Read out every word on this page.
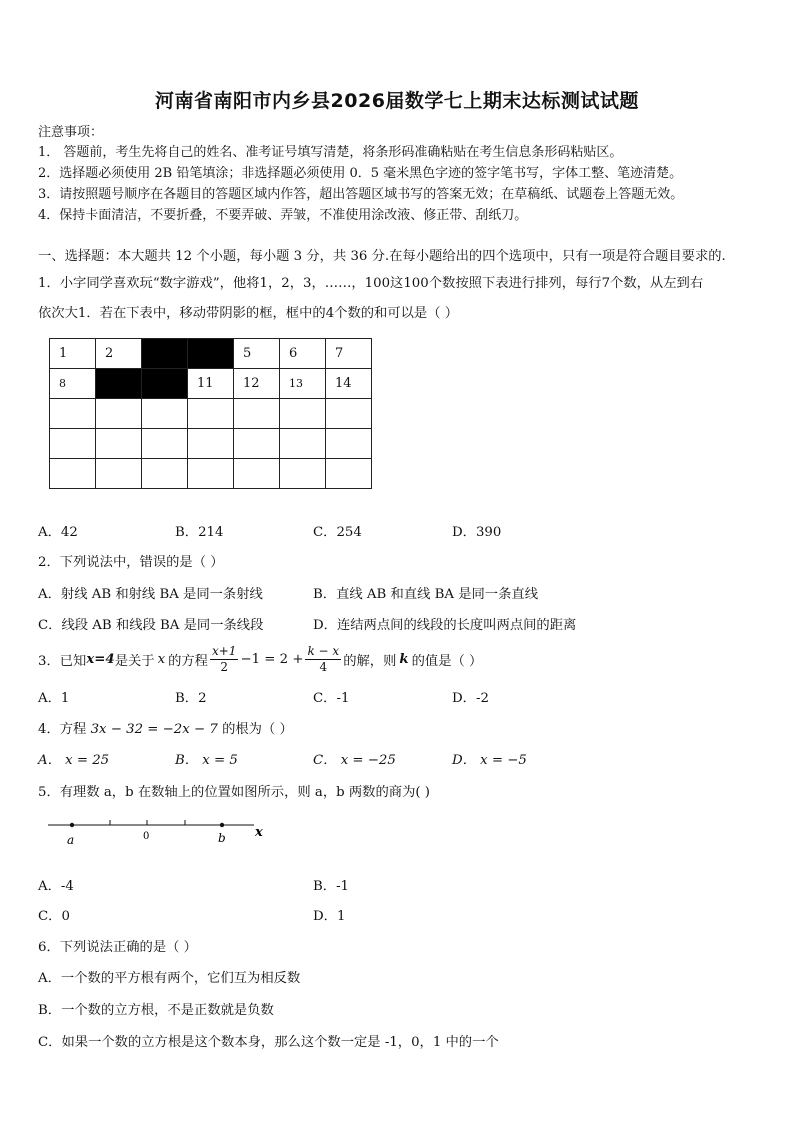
河南省南阳市内乡县2026届数学七上期末达标测试试题
注意事项：
1． 答题前，考生先将自己的姓名、准考证号填写清楚，将条形码准确粘贴在考生信息条形码粘贴区。
2．选择题必须使用 2B 铅笔填涂；非选择题必须使用 0．5 毫米黑色字迹的签字笔书写，字体工整、笔迹清楚。
3．请按照题号顺序在各题目的答题区域内作答，超出答题区域书写的答案无效；在草稿纸、试题卷上答题无效。
4．保持卡面清洁，不要折叠，不要弄破、弄皱，不准使用涂改液、修正带、刮纸刀。
一、选择题：本大题共 12 个小题，每小题 3 分，共 36 分.在每小题给出的四个选项中，只有一项是符合题目要求的.
1．小字同学喜欢玩“数字游戏”，他将1，2，3，……，100这100个数按照下表进行排列，每行7个数，从左到右
依次大1．若在下表中，移动带阴影的框，框中的4个数的和可以是（ ）
1	2			5	6	7
8			11	12	13	14

A．42	B．214	C．254	D．390
2．下列说法中，错误的是（ ）
A．射线 AB 和射线 BA 是同一条射线	B．直线 AB 和直线 BA 是同一条直线
C．线段 AB 和线段 BA 是同一条线段	D．连结两点间的线段的长度叫两点间的距离
3．已知 x=4 是关于 x 的方程 $\frac{x+1}{2} -1 = 2 + \frac{k - x}{4}$ 的解，则 k 的值是（ ）
A．1	B．2	C．-1	D．-2
4．方程 3x − 32 = −2x − 7 的根为（ ）
A． x = 25	B． x = 5	C． x = −25	D． x = −5
5．有理数 a，b 在数轴上的位置如图所示，则 a，b 两数的商为( )
a	0	b x
A．-4	B．-1
C．0	D．1
6．下列说法正确的是（ ）
A．一个数的平方根有两个，它们互为相反数
B．一个数的立方根，不是正数就是负数
C．如果一个数的立方根是这个数本身，那么这个数一定是 -1，0，1 中的一个
